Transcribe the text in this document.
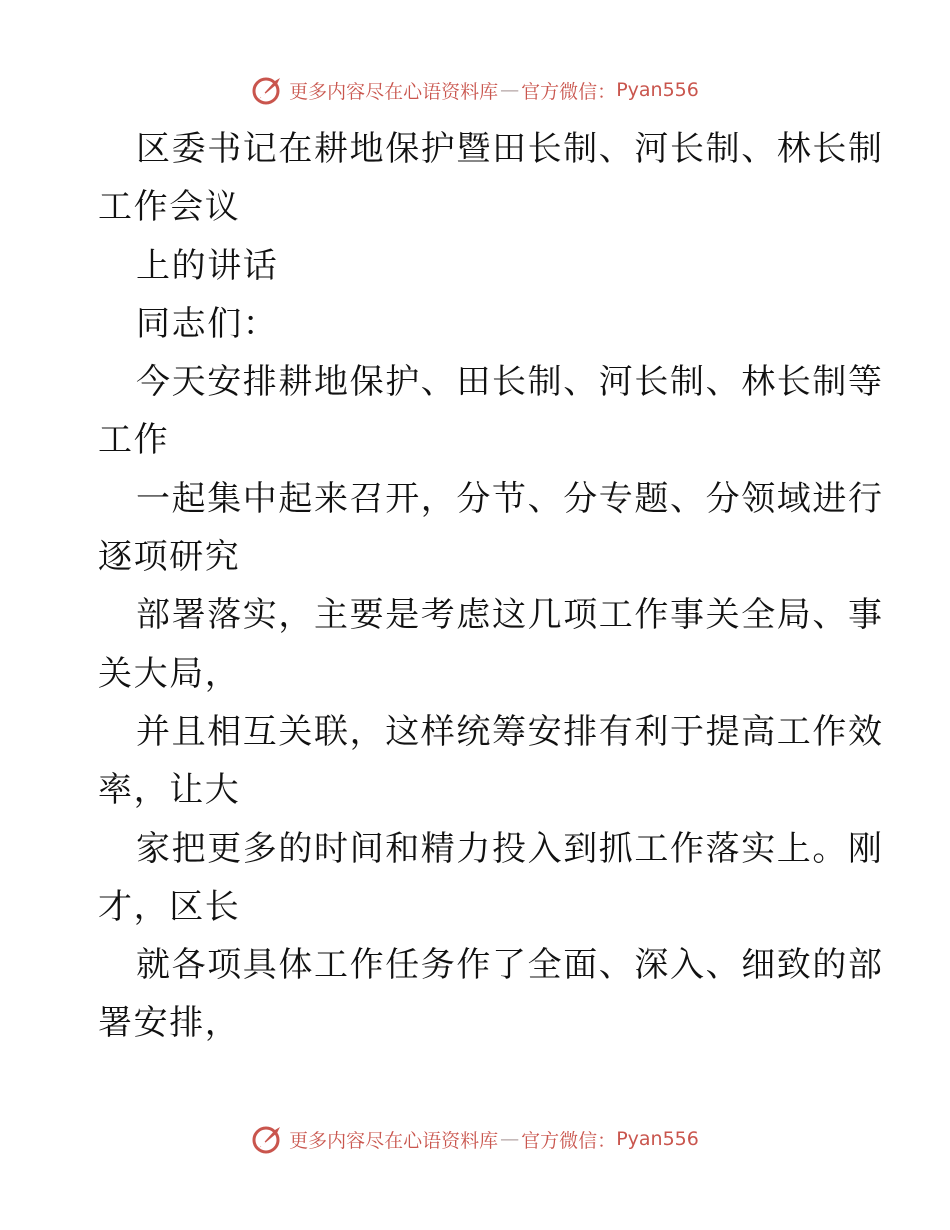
更多内容尽在心语资料库 — 官方微信： Pyan556
区委书记在耕地保护暨田长制、河长制、林长制
工作会议
上的讲话
同志们：
今天安排耕地保护、田长制、河长制、林长制等
工作
一起集中起来召开，分节、分专题、分领域进行
逐项研究
部署落实，主要是考虑这几项工作事关全局、事
关大局，
并且相互关联，这样统筹安排有利于提高工作效
率，让大
家把更多的时间和精力投入到抓工作落实上。刚
才，区长
就各项具体工作任务作了全面、深入、细致的部
署安排，
更多内容尽在心语资料库 — 官方微信： Pyan556
